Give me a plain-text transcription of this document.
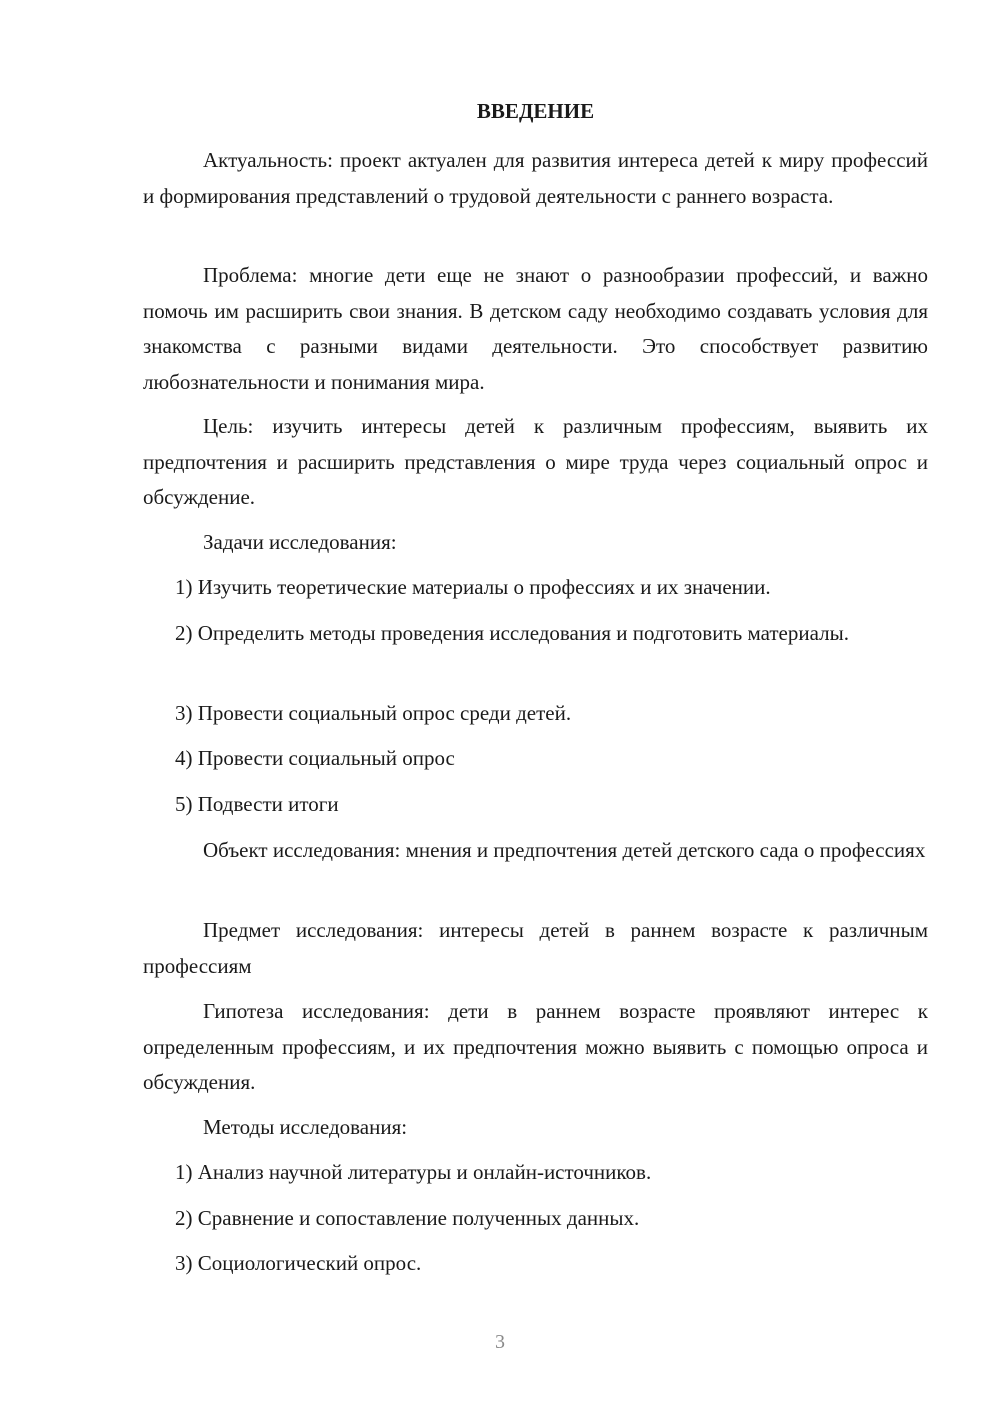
ВВЕДЕНИЕ

Актуальность: проект актуален для развития интереса детей к миру профессий и формирования представлений о трудовой деятельности с раннего возраста.

Проблема: многие дети еще не знают о разнообразии профессий, и важно помочь им расширить свои знания. В детском саду необходимо создавать условия для знакомства с разными видами деятельности. Это способствует развитию любознательности и понимания мира.

Цель: изучить интересы детей к различным профессиям, выявить их предпочтения и расширить представления о мире труда через социальный опрос и обсуждение.

Задачи исследования:

1) Изучить теоретические материалы о профессиях и их значении.

2) Определить методы проведения исследования и подготовить материалы.

3) Провести социальный опрос среди детей.

4) Провести социальный опрос

5) Подвести итоги

Объект исследования: мнения и предпочтения детей детского сада о профессиях

Предмет исследования: интересы детей в раннем возрасте к различным профессиям

Гипотеза исследования: дети в раннем возрасте проявляют интерес к определенным профессиям, и их предпочтения можно выявить с помощью опроса и обсуждения.

Методы исследования:

1) Анализ научной литературы и онлайн-источников.

2) Сравнение и сопоставление полученных данных.

3) Социологический опрос.

3
